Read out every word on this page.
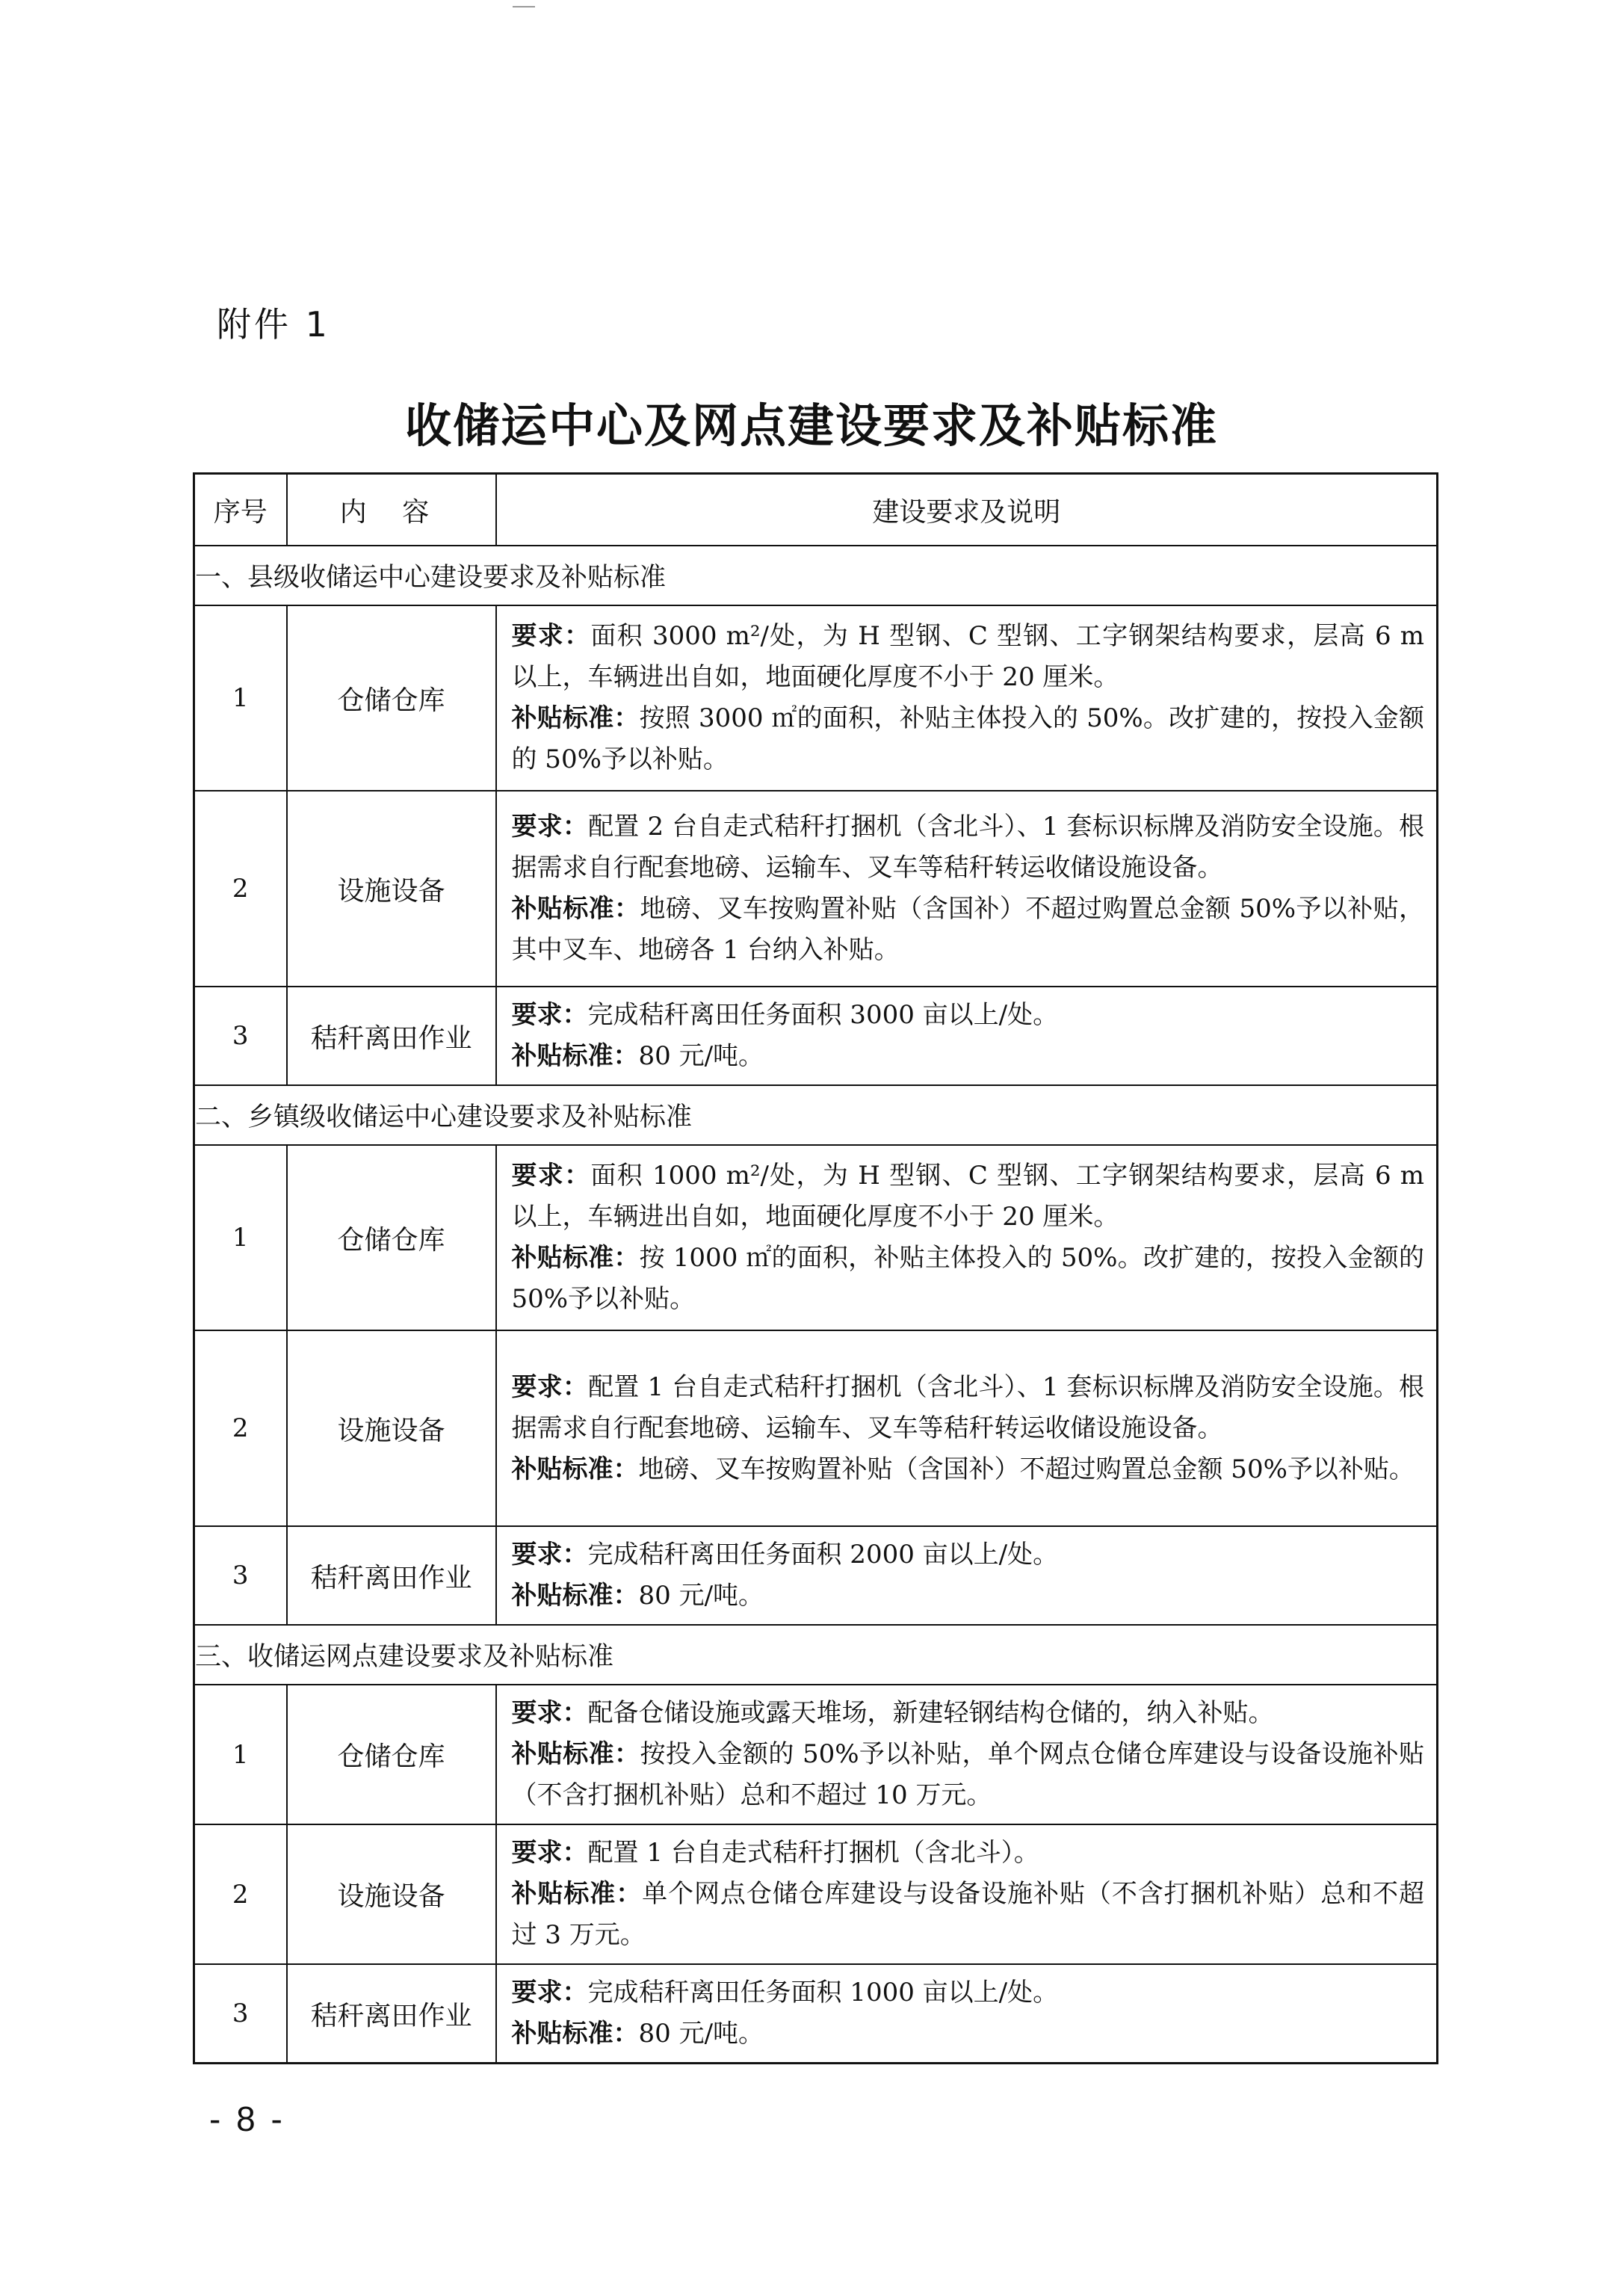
附件 1
收储运中心及网点建设要求及补贴标准
序号	内 容	建设要求及说明
一、县级收储运中心建设要求及补贴标准		
1	仓储仓库	要求：面积 3000 m²/处，为 H 型钢、C 型钢、工字钢架结构要求，层高 6 m 以上，车辆进出自如，地面硬化厚度不小于 20 厘米。
补贴标准：按照 3000 ㎡的面积，补贴主体投入的 50%。改扩建的，按投入金额的 50%予以补贴。

2	设施设备	要求：配置 2 台自走式秸秆打捆机（含北斗）、1 套标识标牌及消防安全设施。根据需求自行配套地磅、运输车、叉车等秸秆转运收储设施设备。
补贴标准：地磅、叉车按购置补贴（含国补）不超过购置总金额 50%予以补贴，其中叉车、地磅各 1 台纳入补贴。

3	秸秆离田作业	要求：完成秸秆离田任务面积 3000 亩以上/处。
补贴标准：80 元/吨。

二、乡镇级收储运中心建设要求及补贴标准		
1	仓储仓库	要求：面积 1000 m²/处，为 H 型钢、C 型钢、工字钢架结构要求，层高 6 m 以上，车辆进出自如，地面硬化厚度不小于 20 厘米。
补贴标准：按 1000 ㎡的面积，补贴主体投入的 50%。改扩建的，按投入金额的 50%予以补贴。

2	设施设备	要求：配置 1 台自走式秸秆打捆机（含北斗）、1 套标识标牌及消防安全设施。根据需求自行配套地磅、运输车、叉车等秸秆转运收储设施设备。
补贴标准：地磅、叉车按购置补贴（含国补）不超过购置总金额 50%予以补贴。

3	秸秆离田作业	要求：完成秸秆离田任务面积 2000 亩以上/处。
补贴标准：80 元/吨。

三、收储运网点建设要求及补贴标准		
1	仓储仓库	要求：配备仓储设施或露天堆场，新建轻钢结构仓储的，纳入补贴。
补贴标准：按投入金额的 50%予以补贴，单个网点仓储仓库建设与设备设施补贴（不含打捆机补贴）总和不超过 10 万元。

2	设施设备	要求：配置 1 台自走式秸秆打捆机（含北斗）。
补贴标准：单个网点仓储仓库建设与设备设施补贴（不含打捆机补贴）总和不超过 3 万元。

3	秸秆离田作业	要求：完成秸秆离田任务面积 1000 亩以上/处。
补贴标准：80 元/吨。
- 8 -
